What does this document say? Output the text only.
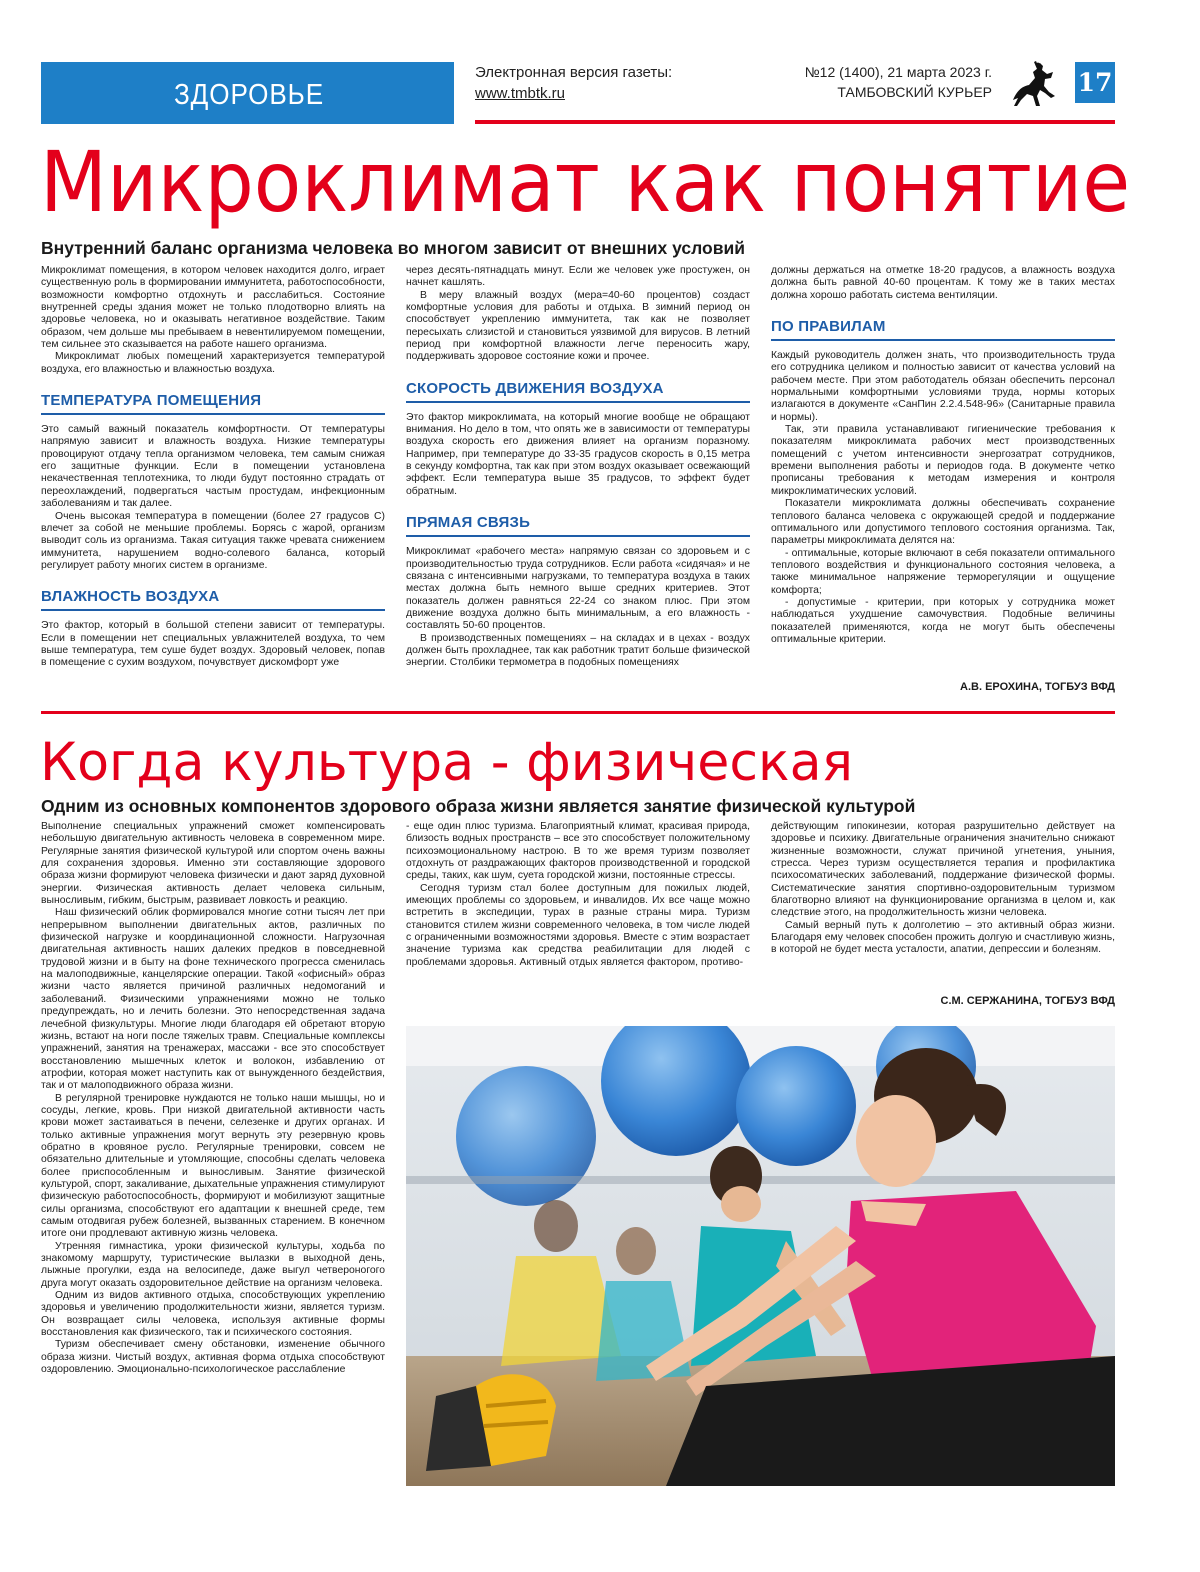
ЗДОРОВЬЕ
Электронная версия газеты:
www.tmbtk.ru
№12 (1400), 21 марта 2023 г.
ТАМБОВСКИЙ КУРЬЕР	17
Микроклимат как понятие
Внутренний баланс организма человека во многом зависит от внешних условий

Микроклимат помещения, в котором человек находится долго, играет существенную роль в формировании иммунитета, работоспособности, возможности комфортно отдохнуть и расслабиться. Состояние внутренней среды здания может не только плодотворно влиять на здоровье человека, но и оказывать негативное воздействие. Таким образом, чем дольше мы пребываем в невентилируемом помещении, тем сильнее это сказывается на работе нашего организма.

Микроклимат любых помещений характеризуется температурой воздуха, его влажностью и влажностью воздуха.

ТЕМПЕРАТУРА ПОМЕЩЕНИЯ

Это самый важный показатель комфортности. От температуры напрямую зависит и влажность воздуха. Низкие температуры провоцируют отдачу тепла организмом человека, тем самым снижая его защитные функции. Если в помещении установлена некачественная теплотехника, то люди будут постоянно страдать от переохлаждений, подвергаться частым простудам, инфекционным заболеваниям и так далее.

Очень высокая температура в помещении (более 27 градусов С) влечет за собой не меньшие проблемы. Борясь с жарой, организм выводит соль из организма. Такая ситуация также чревата снижением иммунитета, нарушением водно-солевого баланса, который регулирует работу многих систем в организме.

ВЛАЖНОСТЬ ВОЗДУХА

Это фактор, который в большой степени зависит от температуры. Если в помещении нет специальных увлажнителей воздуха, то чем выше температура, тем суше будет воздух. Здоровый человек, попав в помещение с сухим воздухом, почувствует дискомфорт уже

через десять-пятнадцать минут. Если же человек уже простужен, он начнет кашлять.

В меру влажный воздух (мера=40-60 процентов) создаст комфортные условия для работы и отдыха. В зимний период он способствует укреплению иммунитета, так как не позволяет пересыхать слизистой и становиться уязвимой для вирусов. В летний период при комфортной влажности легче переносить жару, поддерживать здоровое состояние кожи и прочее.

СКОРОСТЬ ДВИЖЕНИЯ ВОЗДУХА

Это фактор микроклимата, на который многие вообще не обращают внимания. Но дело в том, что опять же в зависимости от температуры воздуха скорость его движения влияет на организм поразному. Например, при температуре до 33-35 градусов скорость в 0,15 метра в секунду комфортна, так как при этом воздух оказывает освежающий эффект. Если температура выше 35 градусов, то эффект будет обратным.

ПРЯМАЯ СВЯЗЬ

Микроклимат «рабочего места» напрямую связан со здоровьем и с производительностью труда сотрудников. Если работа «сидячая» и не связана с интенсивными нагрузками, то температура воздуха в таких местах должна быть немного выше средних критериев. Этот показатель должен равняться 22-24 со знаком плюс. При этом движение воздуха должно быть минимальным, а его влажность - составлять 50-60 процентов.

В производственных помещениях – на складах и в цехах - воздух должен быть прохладнее, так как работник тратит больше физической энергии. Столбики термометра в подобных помещениях

должны держаться на отметке 18-20 градусов, а влажность воздуха должна быть равной 40-60 процентам. К тому же в таких местах должна хорошо работать система вентиляции.

ПО ПРАВИЛАМ

Каждый руководитель должен знать, что производительность труда его сотрудника целиком и полностью зависит от качества условий на рабочем месте. При этом работодатель обязан обеспечить персонал нормальными комфортными условиями труда, нормы которых излагаются в документе «СанПин 2.2.4.548-96» (Санитарные правила и нормы).

Так, эти правила устанавливают гигиенические требования к показателям микроклимата рабочих мест производственных помещений с учетом интенсивности энергозатрат сотрудников, времени выполнения работы и периодов года. В документе четко прописаны требования к методам измерения и контроля микроклиматических условий.

Показатели микроклимата должны обеспечивать сохранение теплового баланса человека с окружающей средой и поддержание оптимального или допустимого теплового состояния организма. Так, параметры микроклимата делятся на:

- оптимальные, которые включают в себя показатели оптимального теплового воздействия и функционального состояния человека, а также минимальное напряжение терморегуляции и ощущение комфорта;

- допустимые - критерии, при которых у сотрудника может наблюдаться ухудшение самочувствия. Подобные величины показателей применяются, когда не могут быть обеспечены оптимальные критерии.

А.В. ЕРОХИНА, ТОГБУЗ ВФД
Когда культура - физическая
Одним из основных компонентов здорового образа жизни является занятие физической культурой

Выполнение специальных упражнений сможет компенсировать небольшую двигательную активность человека в современном мире. Регулярные занятия физической культурой или спортом очень важны для сохранения здоровья. Именно эти составляющие здорового образа жизни формируют человека физически и дают заряд духовной энергии. Физическая активность делает человека сильным, выносливым, гибким, быстрым, развивает ловкость и реакцию.

Наш физический облик формировался многие сотни тысяч лет при непрерывном выполнении двигательных актов, различных по физической нагрузке и координационной сложности. Нагрузочная двигательная активность наших далеких предков в повседневной трудовой жизни и в быту на фоне технического прогресса сменилась на малоподвижные, канцелярские операции. Такой «офисный» образ жизни часто является причиной различных недомоганий и заболеваний. Физическими упражнениями можно не только предупреждать, но и лечить болезни. Это непосредственная задача лечебной физкультуры. Многие люди благодаря ей обретают вторую жизнь, встают на ноги после тяжелых травм. Специальные комплексы упражнений, занятия на тренажерах, массажи - все это способствует восстановлению мышечных клеток и волокон, избавлению от атрофии, которая может наступить как от вынужденного бездействия, так и от малоподвижного образа жизни.

В регулярной тренировке нуждаются не только наши мышцы, но и сосуды, легкие, кровь. При низкой двигательной активности часть крови может застаиваться в печени, селезенке и других органах. И только активные упражнения могут вернуть эту резервную кровь обратно в кровяное русло. Регулярные тренировки, совсем не обязательно длительные и утомляющие, способны сделать человека более приспособленным и выносливым. Занятие физической культурой, спорт, закаливание, дыхательные упражнения стимулируют физическую работоспособность, формируют и мобилизуют защитные силы организма, способствуют его адаптации к внешней среде, тем самым отодвигая рубеж болезней, вызванных старением. В конечном итоге они продлевают активную жизнь человека.

Утренняя гимнастика, уроки физической культуры, ходьба по знакомому маршруту, туристические вылазки в выходной день, лыжные прогулки, езда на велосипеде, даже выгул четвероногого друга могут оказать оздоровительное действие на организм человека.

Одним из видов активного отдыха, способствующих укреплению здоровья и увеличению продолжительности жизни, является туризм. Он возвращает силы человека, используя активные формы восстановления как физического, так и психического состояния.

Туризм обеспечивает смену обстановки, изменение обычного образа жизни. Чистый воздух, активная форма отдыха способствуют оздоровлению. Эмоционально-психологическое расслабление

- еще один плюс туризма. Благоприятный климат, красивая природа, близость водных пространств – все это способствует положительному психоэмоциональному настрою. В то же время туризм позволяет отдохнуть от раздражающих факторов производственной и городской среды, таких, как шум, суета городской жизни, постоянные стрессы.

Сегодня туризм стал более доступным для пожилых людей, имеющих проблемы со здоровьем, и инвалидов. Их все чаще можно встретить в экспедиции, турах в разные страны мира. Туризм становится стилем жизни современного человека, в том числе людей с ограниченными возможностями здоровья. Вместе с этим возрастает значение туризма как средства реабилитации для людей с проблемами здоровья. Активный отдых является фактором, противо-

действующим гипокинезии, которая разрушительно действует на здоровье и психику. Двигательные ограничения значительно снижают жизненные возможности, служат причиной угнетения, уныния, стресса. Через туризм осуществляется терапия и профилактика психосоматических заболеваний, поддержание физической формы. Систематические занятия спортивно-оздоровительным туризмом благотворно влияют на функционирование организма в целом и, как следствие этого, на продолжительность жизни человека.

Самый верный путь к долголетию – это активный образ жизни. Благодаря ему человек способен прожить долгую и счастливую жизнь, в которой не будет места усталости, апатии, депрессии и болезням.

С.М. СЕРЖАНИНА, ТОГБУЗ ВФД
